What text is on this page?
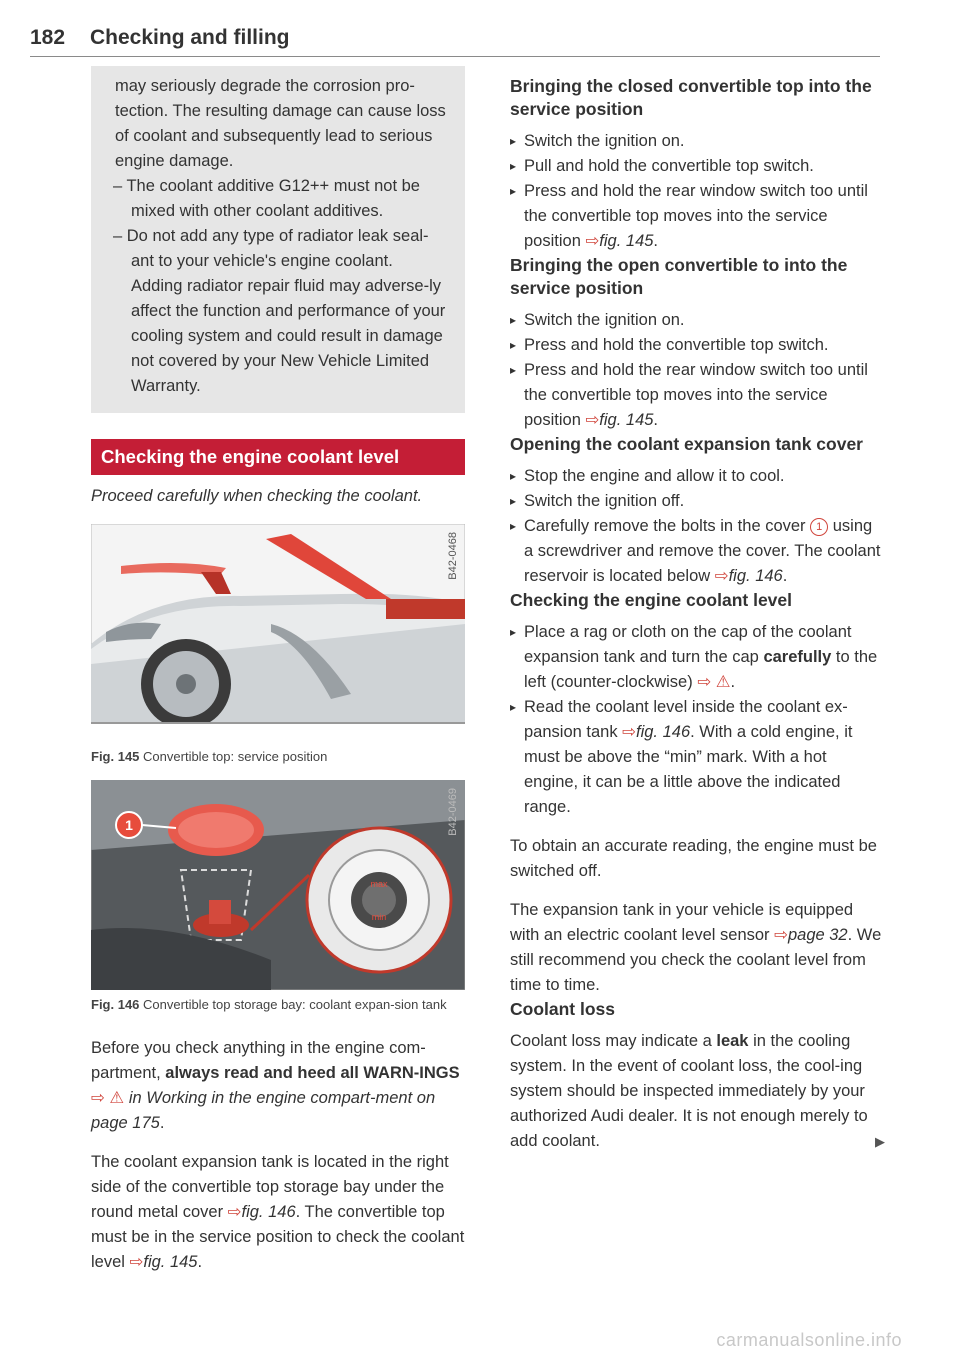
182 Checking and filling

may seriously degrade the corrosion pro-tection. The resulting damage can cause loss of coolant and subsequently lead to serious engine damage.

– The coolant additive G12++ must not be mixed with other coolant additives.

– Do not add any type of radiator leak seal-ant to your vehicle's engine coolant. Adding radiator repair fluid may adverse-ly affect the function and performance of your cooling system and could result in damage not covered by your New Vehicle Limited Warranty.

Checking the engine coolant level
Proceed carefully when checking the coolant.
B42-0468
Fig. 145 Convertible top: service position
max
min
1	B42-0469
Fig. 146 Convertible top storage bay: coolant expan-sion tank

Before you check anything in the engine com-partment, always read and heed all WARN-INGS ⇨ ⚠ in Working in the engine compart-ment on page 175.

The coolant expansion tank is located in the right side of the convertible top storage bay under the round metal cover ⇨fig. 146. The convertible top must be in the service position to check the coolant level ⇨fig. 145.

Bringing the closed convertible top into the service position

▸ Switch the ignition on.
▸ Pull and hold the convertible top switch.
▸ Press and hold the rear window switch too until the convertible top moves into the service position ⇨fig. 145.

Bringing the open convertible to into the service position

▸ Switch the ignition on.
▸ Press and hold the convertible top switch.
▸ Press and hold the rear window switch too until the convertible top moves into the service position ⇨fig. 145.

Opening the coolant expansion tank cover

▸ Stop the engine and allow it to cool.
▸ Switch the ignition off.
▸ Carefully remove the bolts in the cover 1 using a screwdriver and remove the cover. The coolant reservoir is located below ⇨fig. 146.

Checking the engine coolant level

▸ Place a rag or cloth on the cap of the coolant expansion tank and turn the cap carefully to the left (counter-clockwise) ⇨ ⚠.
▸ Read the coolant level inside the coolant ex-pansion tank ⇨fig. 146. With a cold engine, it must be above the “min” mark. With a hot engine, it can be a little above the indicated range.

To obtain an accurate reading, the engine must be switched off.

The expansion tank in your vehicle is equipped with an electric coolant level sensor ⇨page 32. We still recommend you check the coolant level from time to time.

Coolant loss

Coolant loss may indicate a leak in the cooling system. In the event of coolant loss, the cool-ing system should be inspected immediately by your authorized Audi dealer. It is not enough merely to add coolant.	▶

carmanualsonline.info
